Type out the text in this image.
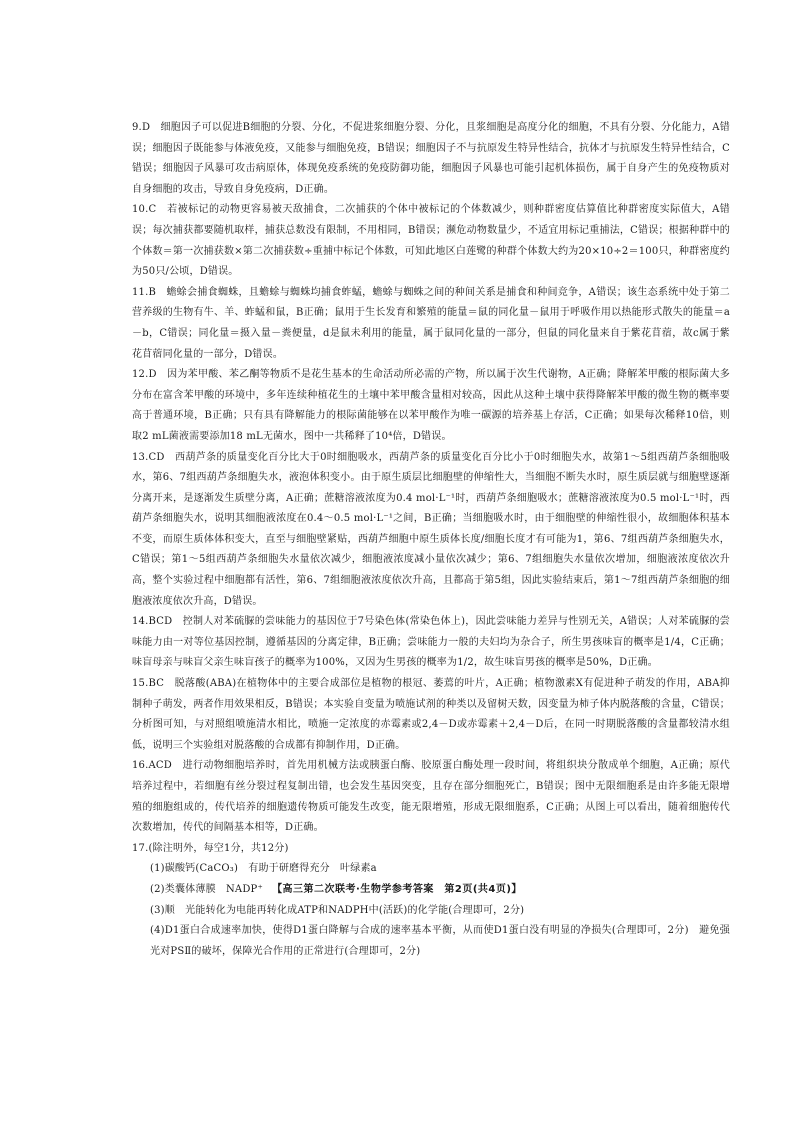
9.D　细胞因子可以促进B细胞的分裂、分化，不促进浆细胞分裂、分化，且浆细胞是高度分化的细胞，不具有分裂、分化能力，A错误；细胞因子既能参与体液免疫，又能参与细胞免疫，B错误；细胞因子不与抗原发生特异性结合，抗体才与抗原发生特异性结合，C错误；细胞因子风暴可攻击病原体，体现免疫系统的免疫防御功能，细胞因子风暴也可能引起机体损伤，属于自身产生的免疫物质对自身细胞的攻击，导致自身免疫病，D正确。
10.C　若被标记的动物更容易被天敌捕食，二次捕获的个体中被标记的个体数减少，则种群密度估算值比种群密度实际值大，A错误；每次捕获都要随机取样，捕获总数没有限制，不用相同，B错误；濒危动物数量少，不适宜用标记重捕法，C错误；根据种群中的个体数＝第一次捕获数×第二次捕获数÷重捕中标记个体数，可知此地区白莲鹭的种群个体数大约为20×10÷2＝100只，种群密度约为50只/公顷，D错误。
11.B　蟾蜍会捕食蜘蛛，且蟾蜍与蜘蛛均捕食蚱蜢，蟾蜍与蜘蛛之间的种间关系是捕食和种间竞争，A错误；该生态系统中处于第二营养级的生物有牛、羊、蚱蜢和鼠，B正确；鼠用于生长发育和繁殖的能量＝鼠的同化量－鼠用于呼吸作用以热能形式散失的能量＝a－b，C错误；同化量＝摄入量－粪便量，d是鼠未利用的能量，属于鼠同化量的一部分，但鼠的同化量来自于紫花苜蓿，故c属于紫花苜蓿同化量的一部分，D错误。
12.D　因为苯甲酸、苯乙酮等物质不是花生基本的生命活动所必需的产物，所以属于次生代谢物，A正确；降解苯甲酸的根际菌大多分布在富含苯甲酸的环境中，多年连续种植花生的土壤中苯甲酸含量相对较高，因此从这种土壤中获得降解苯甲酸的微生物的概率要高于普通环境，B正确；只有具有降解能力的根际菌能够在以苯甲酸作为唯一碳源的培养基上存活，C正确；如果每次稀释10倍，则取2 mL菌液需要添加18 mL无菌水，图中一共稀释了10⁴倍，D错误。
13.CD　西葫芦条的质量变化百分比大于0时细胞吸水，西葫芦条的质量变化百分比小于0时细胞失水，故第1～5组西葫芦条细胞吸水，第6、7组西葫芦条细胞失水，液泡体积变小。由于原生质层比细胞壁的伸缩性大，当细胞不断失水时，原生质层就与细胞壁逐渐分离开来，是逐渐发生质壁分离，A正确；蔗糖溶液浓度为0.4 mol·L⁻¹时，西葫芦条细胞吸水；蔗糖溶液浓度为0.5 mol·L⁻¹时，西葫芦条细胞失水，说明其细胞液浓度在0.4～0.5 mol·L⁻¹之间，B正确；当细胞吸水时，由于细胞壁的伸缩性很小，故细胞体积基本不变，而原生质体体积变大，直至与细胞壁紧贴，西葫芦细胞中原生质体长度/细胞长度才有可能为1，第6、7组西葫芦条细胞失水，C错误；第1～5组西葫芦条细胞失水量依次减少，细胞液浓度减小量依次减少；第6、7组细胞失水量依次增加，细胞液浓度依次升高，整个实验过程中细胞都有活性，第6、7组细胞液浓度依次升高，且都高于第5组，因此实验结束后，第1～7组西葫芦条细胞的细胞液浓度依次升高，D错误。
14.BCD　控制人对苯硫脲的尝味能力的基因位于7号染色体(常染色体上)，因此尝味能力差异与性别无关，A错误；人对苯硫脲的尝味能力由一对等位基因控制，遵循基因的分离定律，B正确；尝味能力一般的夫妇均为杂合子，所生男孩味盲的概率是1/4，C正确；味盲母亲与味盲父亲生味盲孩子的概率为100%，又因为生男孩的概率为1/2，故生味盲男孩的概率是50%，D正确。
15.BC　脱落酸(ABA)在植物体中的主要合成部位是植物的根冠、萎蔫的叶片，A正确；植物激素X有促进种子萌发的作用，ABA抑制种子萌发，两者作用效果相反，B错误；本实验自变量为喷施试剂的种类以及留树天数，因变量为柿子体内脱落酸的含量，C错误；分析图可知，与对照组喷施清水相比，喷施一定浓度的赤霉素或2,4－D或赤霉素＋2,4－D后，在同一时期脱落酸的含量都较清水组低，说明三个实验组对脱落酸的合成都有抑制作用，D正确。
16.ACD　进行动物细胞培养时，首先用机械方法或胰蛋白酶、胶原蛋白酶处理一段时间，将组织块分散成单个细胞，A正确；原代培养过程中，若细胞有丝分裂过程复制出错，也会发生基因突变，且存在部分细胞死亡，B错误；图中无限细胞系是由许多能无限增殖的细胞组成的，传代培养的细胞遗传物质可能发生改变，能无限增殖，形成无限细胞系，C正确；从图上可以看出，随着细胞传代次数增加，传代的间隔基本相等，D正确。
17.(除注明外，每空1分，共12分)
(1)碳酸钙(CaCO₃)　有助于研磨得充分　叶绿素a
(2)类囊体薄膜　NADP⁺
(3)顺　光能转化为电能再转化成ATP和NADPH中(活跃)的化学能(合理即可，2分)
(4)D1蛋白合成速率加快，使得D1蛋白降解与合成的速率基本平衡，从而使D1蛋白没有明显的净损失(合理即可，2分)　避免强光对PSⅡ的破坏，保障光合作用的正常进行(合理即可，2分)
【高三第二次联考·生物学参考答案　第2页(共4页)】
